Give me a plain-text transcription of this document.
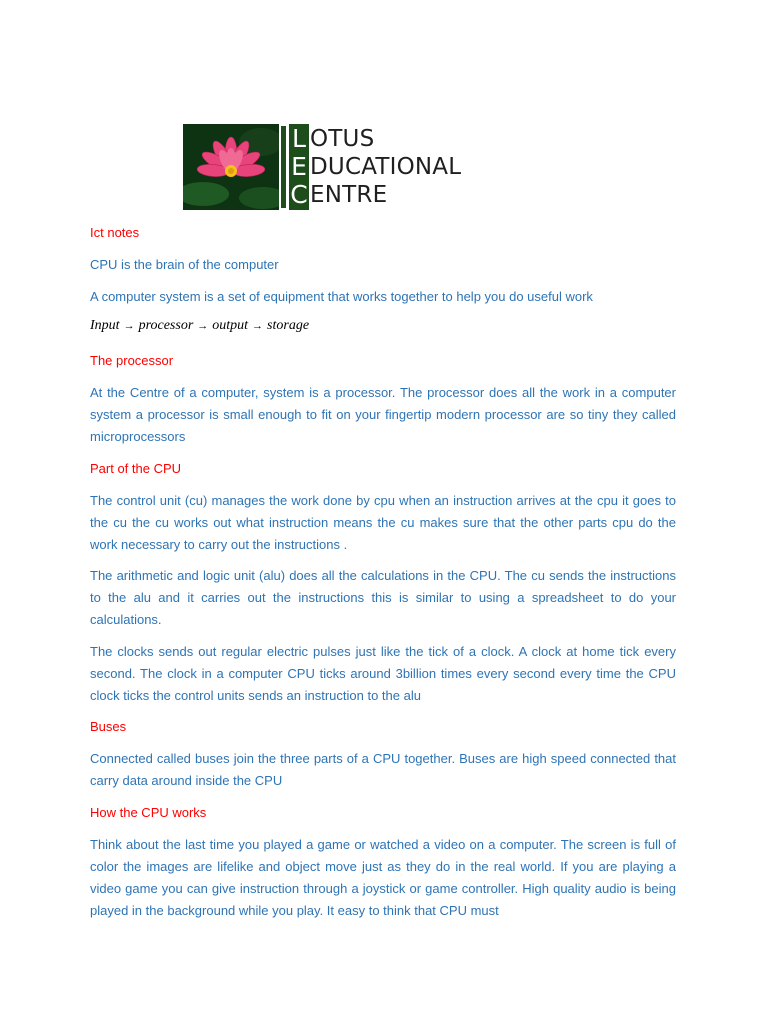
L
E
C
OTUS
DUCATIONAL
ENTRE

Ict notes

CPU is the brain of the computer

A computer system is a set of equipment that works together to help you do useful work

Input → processor → output → storage

The processor

At the Centre of a computer, system is a processor. The processor does all the work in a computer system a processor is small enough to fit on your fingertip modern processor are so tiny they called microprocessors

Part of the CPU

The control unit (cu) manages the work done by cpu when an instruction arrives at the cpu it goes to the cu the cu works out what instruction means the cu makes sure that the other parts cpu do the work necessary to carry out the instructions .

The arithmetic and logic unit (alu) does all the calculations in the CPU. The cu sends the instructions to the alu and it carries out the instructions this is similar to using a spreadsheet to do your calculations.

The clocks sends out regular electric pulses just like the tick of a clock. A clock at home tick every second. The clock in a computer CPU ticks around 3billion times every second every time the CPU clock ticks the control units sends an instruction to the alu

Buses

Connected called buses join the three parts of a CPU together. Buses are high speed connected that carry data around inside the CPU

How the CPU works

Think about the last time you played a game or watched a video on a computer. The screen is full of color the images are lifelike and object move just as they do in the real world. If you are playing a video game you can give instruction through a joystick or game controller. High quality audio is being played in the background while you play. It easy to think that CPU must
